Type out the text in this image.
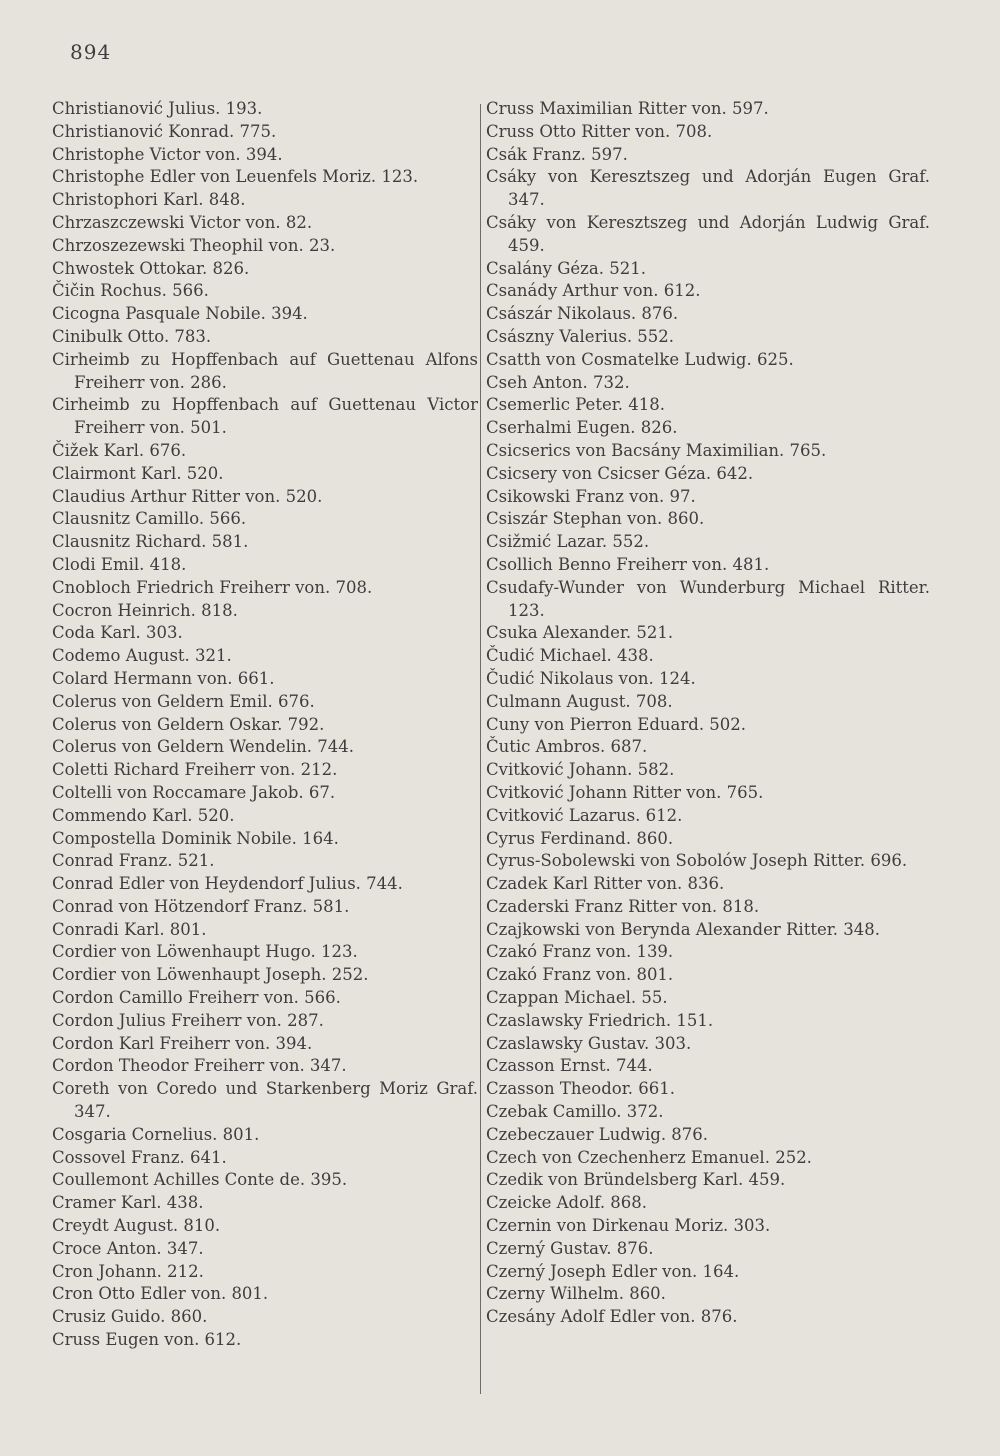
894
Christianović Julius. 193.
Christianović Konrad. 775.
Christophe Victor von. 394.
Christophe Edler von Leuenfels Moriz. 123.
Christophori Karl. 848.
Chrzaszczewski Victor von. 82.
Chrzoszezewski Theophil von. 23.
Chwostek Ottokar. 826.
Čičin Rochus. 566.
Cicogna Pasquale Nobile. 394.
Cinibulk Otto. 783.
Cirheimb zu Hopffenbach auf Guettenau Alfons Freiherr von. 286.
Cirheimb zu Hopffenbach auf Guettenau Victor Freiherr von. 501.
Čižek Karl. 676.
Clairmont Karl. 520.
Claudius Arthur Ritter von. 520.
Clausnitz Camillo. 566.
Clausnitz Richard. 581.
Clodi Emil. 418.
Cnobloch Friedrich Freiherr von. 708.
Cocron Heinrich. 818.
Coda Karl. 303.
Codemo August. 321.
Colard Hermann von. 661.
Colerus von Geldern Emil. 676.
Colerus von Geldern Oskar. 792.
Colerus von Geldern Wendelin. 744.
Coletti Richard Freiherr von. 212.
Coltelli von Roccamare Jakob. 67.
Commendo Karl. 520.
Compostella Dominik Nobile. 164.
Conrad Franz. 521.
Conrad Edler von Heydendorf Julius. 744.
Conrad von Hötzendorf Franz. 581.
Conradi Karl. 801.
Cordier von Löwenhaupt Hugo. 123.
Cordier von Löwenhaupt Joseph. 252.
Cordon Camillo Freiherr von. 566.
Cordon Julius Freiherr von. 287.
Cordon Karl Freiherr von. 394.
Cordon Theodor Freiherr von. 347.
Coreth von Coredo und Starkenberg Moriz Graf. 347.
Cosgaria Cornelius. 801.
Cossovel Franz. 641.
Coullemont Achilles Conte de. 395.
Cramer Karl. 438.
Creydt August. 810.
Croce Anton. 347.
Cron Johann. 212.
Cron Otto Edler von. 801.
Crusiz Guido. 860.
Cruss Eugen von. 612.
Cruss Maximilian Ritter von. 597.
Cruss Otto Ritter von. 708.
Csák Franz. 597.
Csáky von Keresztszeg und Adorján Eugen Graf. 347.
Csáky von Keresztszeg und Adorján Ludwig Graf. 459.
Csalány Géza. 521.
Csanády Arthur von. 612.
Császár Nikolaus. 876.
Császny Valerius. 552.
Csatth von Cosmatelke Ludwig. 625.
Cseh Anton. 732.
Csemerlic Peter. 418.
Cserhalmi Eugen. 826.
Csicserics von Bacsány Maximilian. 765.
Csicsery von Csicser Géza. 642.
Csikowski Franz von. 97.
Csiszár Stephan von. 860.
Csižmić Lazar. 552.
Csollich Benno Freiherr von. 481.
Csudafy-Wunder von Wunderburg Michael Ritter. 123.
Csuka Alexander. 521.
Čudić Michael. 438.
Čudić Nikolaus von. 124.
Culmann August. 708.
Cuny von Pierron Eduard. 502.
Čutic Ambros. 687.
Cvitković Johann. 582.
Cvitković Johann Ritter von. 765.
Cvitković Lazarus. 612.
Cyrus Ferdinand. 860.
Cyrus-Sobolewski von Sobolów Joseph Ritter. 696.
Czadek Karl Ritter von. 836.
Czaderski Franz Ritter von. 818.
Czajkowski von Berynda Alexander Ritter. 348.
Czakó Franz von. 139.
Czakó Franz von. 801.
Czappan Michael. 55.
Czaslawsky Friedrich. 151.
Czaslawsky Gustav. 303.
Czasson Ernst. 744.
Czasson Theodor. 661.
Czebak Camillo. 372.
Czebeczauer Ludwig. 876.
Czech von Czechenherz Emanuel. 252.
Czedik von Bründelsberg Karl. 459.
Czeicke Adolf. 868.
Czernin von Dirkenau Moriz. 303.
Czerný Gustav. 876.
Czerný Joseph Edler von. 164.
Czerny Wilhelm. 860.
Czesány Adolf Edler von. 876.
